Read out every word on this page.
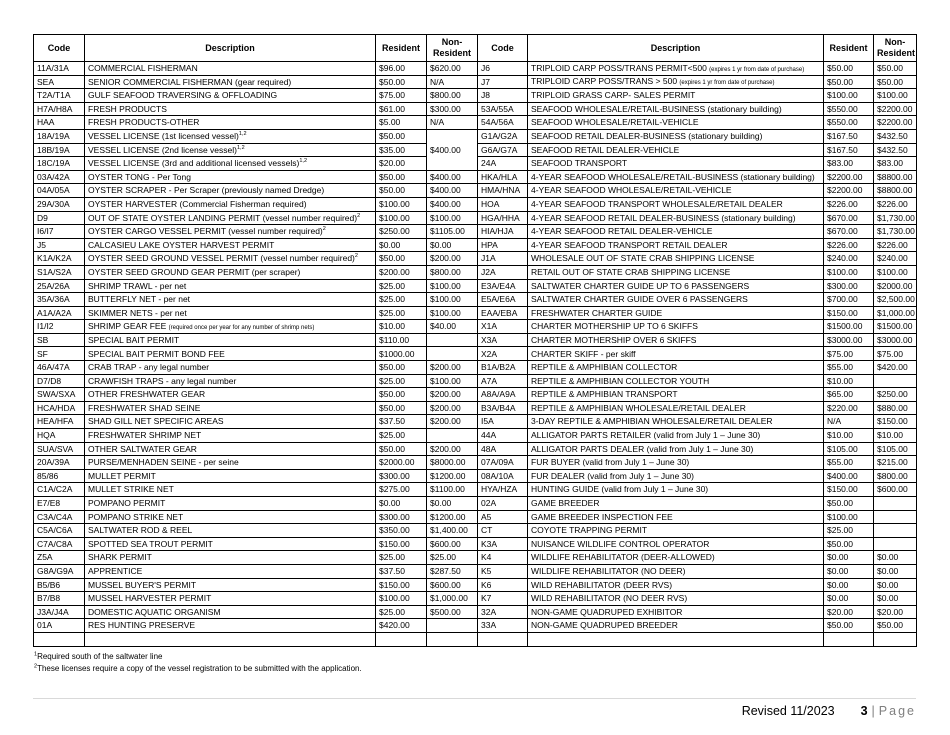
Code	Description	Resident	Non-Resident	Code	Description	Resident	Non-Resident
11A/31A	COMMERCIAL FISHERMAN	$96.00	$620.00	J6	TRIPLOID CARP POSS/TRANS PERMIT<500 (expires 1 yr from date of purchase)	$50.00	$50.00
SEA	SENIOR COMMERCIAL FISHERMAN (gear required)	$50.00	N/A	J7	TRIPLOID CARP POSS/TRANS > 500 (expires 1 yr from date of purchase)	$50.00	$50.00
T2A/T1A	GULF SEAFOOD TRAVERSING & OFFLOADING	$75.00	$800.00	J8	TRIPLOID GRASS CARP- SALES PERMIT	$100.00	$100.00
H7A/H8A	FRESH PRODUCTS	$61.00	$300.00	53A/55A	SEAFOOD WHOLESALE/RETAIL-BUSINESS (stationary building)	$550.00	$2200.00
HAA	FRESH PRODUCTS-OTHER	$5.00	N/A	54A/56A	SEAFOOD WHOLESALE/RETAIL-VEHICLE	$550.00	$2200.00
18A/19A	VESSEL LICENSE (1st licensed vessel)$^{1,2}$	$50.00	$400.00	G1A/G2A	SEAFOOD RETAIL DEALER-BUSINESS (stationary building)	$167.50	$432.50
18B/19A	VESSEL LICENSE (2nd license vessel)$^{1,2}$	$35.00		G6A/G7A	SEAFOOD RETAIL DEALER-VEHICLE	$167.50	$432.50
18C/19A	VESSEL LICENSE (3rd and additional licensed vessels)$^{1,2}$	$20.00		24A	SEAFOOD TRANSPORT	$83.00	$83.00
03A/42A	OYSTER TONG - Per Tong	$50.00	$400.00	HKA/HLA	4-YEAR SEAFOOD WHOLESALE/RETAIL-BUSINESS (stationary building)	$2200.00	$8800.00
04A/05A	OYSTER SCRAPER - Per Scraper (previously named Dredge)	$50.00	$400.00	HMA/HNA	4-YEAR SEAFOOD WHOLESALE/RETAIL-VEHICLE	$2200.00	$8800.00
29A/30A	OYSTER HARVESTER (Commercial Fisherman required)	$100.00	$400.00	HOA	4-YEAR SEAFOOD TRANSPORT WHOLESALE/RETAIL DEALER	$226.00	$226.00
D9	OUT OF STATE OYSTER LANDING PERMIT (vessel number required)$^2$	$100.00	$100.00	HGA/HHA	4-YEAR SEAFOOD RETAIL DEALER-BUSINESS (stationary building)	$670.00	$1,730.00
I6/I7	OYSTER CARGO VESSEL PERMIT (vessel number required)$^2$	$250.00	$1105.00	HIA/HJA	4-YEAR SEAFOOD RETAIL DEALER-VEHICLE	$670.00	$1,730.00
J5	CALCASIEU LAKE OYSTER HARVEST PERMIT	$0.00	$0.00	HPA	4-YEAR SEAFOOD TRANSPORT RETAIL DEALER	$226.00	$226.00
K1A/K2A	OYSTER SEED GROUND VESSEL PERMIT (vessel number required)$^2$	$50.00	$200.00	J1A	WHOLESALE OUT OF STATE CRAB SHIPPING LICENSE	$240.00	$240.00
S1A/S2A	OYSTER SEED GROUND GEAR PERMIT (per scraper)	$200.00	$800.00	J2A	RETAIL OUT OF STATE CRAB SHIPPING LICENSE	$100.00	$100.00
25A/26A	SHRIMP TRAWL - per net	$25.00	$100.00	E3A/E4A	SALTWATER CHARTER GUIDE UP TO 6 PASSENGERS	$300.00	$2000.00
35A/36A	BUTTERFLY NET - per net	$25.00	$100.00	E5A/E6A	SALTWATER CHARTER GUIDE OVER 6 PASSENGERS	$700.00	$2,500.00
A1A/A2A	SKIMMER NETS - per net	$25.00	$100.00	EAA/EBA	FRESHWATER CHARTER GUIDE	$150.00	$1,000.00
I1/I2	SHRIMP GEAR FEE (required once per year for any number of shrimp nets)	$10.00	$40.00	X1A	CHARTER MOTHERSHIP UP TO 6 SKIFFS	$1500.00	$1500.00
SB	SPECIAL BAIT PERMIT	$110.00		X3A	CHARTER MOTHERSHIP OVER 6 SKIFFS	$3000.00	$3000.00
SF	SPECIAL BAIT PERMIT BOND FEE	$1000.00		X2A	CHARTER SKIFF - per skiff	$75.00	$75.00
46A/47A	CRAB TRAP - any legal number	$50.00	$200.00	B1A/B2A	REPTILE & AMPHIBIAN COLLECTOR	$55.00	$420.00
D7/D8	CRAWFISH TRAPS - any legal number	$25.00	$100.00	A7A	REPTILE & AMPHIBIAN COLLECTOR YOUTH	$10.00	
SWA/SXA	OTHER FRESHWATER GEAR	$50.00	$200.00	A8A/A9A	REPTILE & AMPHIBIAN TRANSPORT	$65.00	$250.00
HCA/HDA	FRESHWATER SHAD SEINE	$50.00	$200.00	B3A/B4A	REPTILE & AMPHIBIAN WHOLESALE/RETAIL DEALER	$220.00	$880.00
HEA/HFA	SHAD GILL NET SPECIFIC AREAS	$37.50	$200.00	I5A	3-DAY REPTILE & AMPHIBIAN WHOLESALE/RETAIL DEALER	N/A	$150.00
HQA	FRESHWATER SHRIMP NET	$25.00		44A	ALLIGATOR PARTS RETAILER (valid from July 1 – June 30)	$10.00	$10.00
SUA/SVA	OTHER SALTWATER GEAR	$50.00	$200.00	48A	ALLIGATOR PARTS DEALER (valid from July 1 – June 30)	$105.00	$105.00
20A/39A	PURSE/MENHADEN SEINE - per seine	$2000.00	$8000.00	07A/09A	FUR BUYER (valid from July 1 – June 30)	$55.00	$215.00
85/86	MULLET PERMIT	$300.00	$1200.00	08A/10A	FUR DEALER (valid from July 1 – June 30)	$400.00	$800.00
C1A/C2A	MULLET STRIKE NET	$275.00	$1100.00	HYA/HZA	HUNTING GUIDE (valid from July 1 – June 30)	$150.00	$600.00
E7/E8	POMPANO PERMIT	$0.00	$0.00	02A	GAME BREEDER	$50.00	
C3A/C4A	POMPANO STRIKE NET	$300.00	$1200.00	A5	GAME BREEDER INSPECTION FEE	$100.00	
C5A/C6A	SALTWATER ROD & REEL	$350.00	$1,400.00	CT	COYOTE TRAPPING PERMIT	$25.00	
C7A/C8A	SPOTTED SEA TROUT PERMIT	$150.00	$600.00	K3A	NUISANCE WILDLIFE CONTROL OPERATOR	$50.00	
Z5A	SHARK PERMIT	$25.00	$25.00	K4	WILDLIFE REHABILITATOR (DEER-ALLOWED)	$0.00	$0.00
G8A/G9A	APPRENTICE	$37.50	$287.50	K5	WILDLIFE REHABILITATOR (NO DEER)	$0.00	$0.00
B5/B6	MUSSEL BUYER'S PERMIT	$150.00	$600.00	K6	WILD REHABILITATOR (DEER RVS)	$0.00	$0.00
B7/B8	MUSSEL HARVESTER PERMIT	$100.00	$1,000.00	K7	WILD REHABILITATOR (NO DEER RVS)	$0.00	$0.00
J3A/J4A	DOMESTIC AQUATIC ORGANISM	$25.00	$500.00	32A	NON-GAME QUADRUPED EXHIBITOR	$20.00	$20.00
01A	RES HUNTING PRESERVE	$420.00		33A	NON-GAME QUADRUPED BREEDER	$50.00	$50.00

$^1$Required south of the saltwater line
$^2$These licenses require a copy of the vessel registration to be submitted with the application.
Revised 11/2023 3 | Page
